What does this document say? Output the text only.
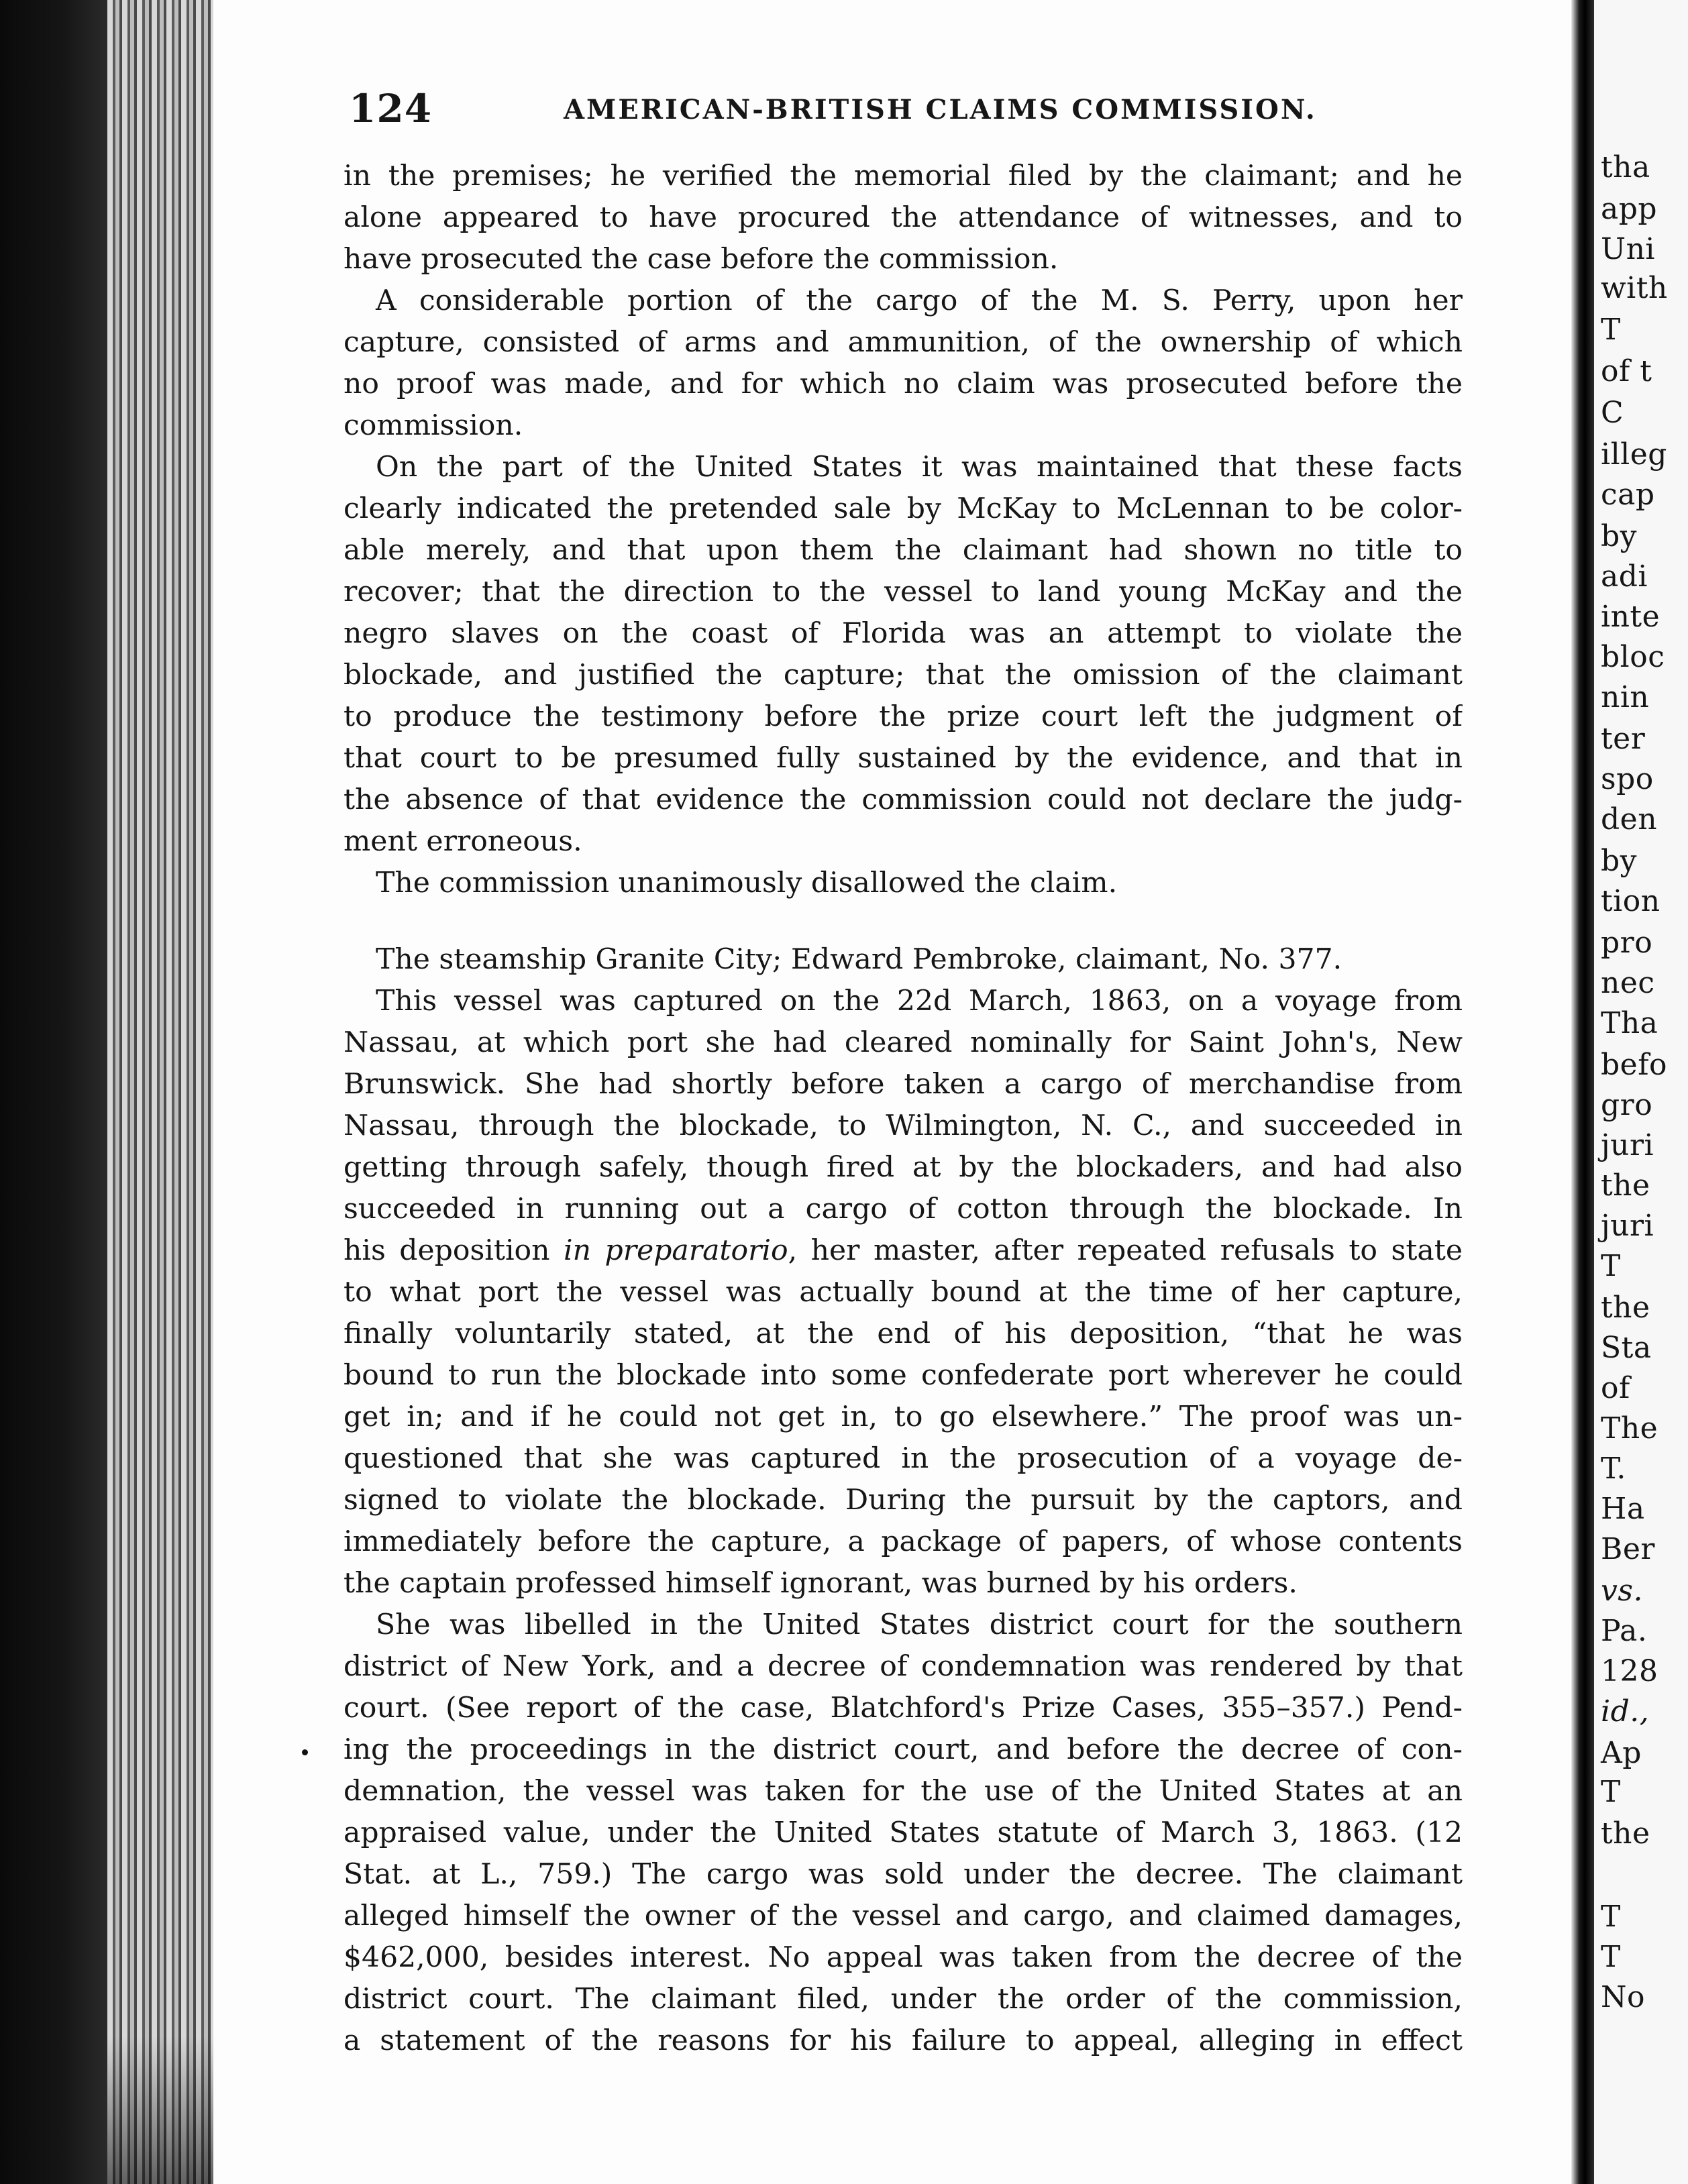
124	AMERICAN-BRITISH CLAIMS COMMISSION.
in the premises; he verified the memorial filed by the claimant; and he
alone appeared to have procured the attendance of witnesses, and to
have prosecuted the case before the commission.
A considerable portion of the cargo of the M. S. Perry, upon her
capture, consisted of arms and ammunition, of the ownership of which
no proof was made, and for which no claim was prosecuted before the
commission.
On the part of the United States it was maintained that these facts
clearly indicated the pretended sale by McKay to McLennan to be color-
able merely, and that upon them the claimant had shown no title to
recover; that the direction to the vessel to land young McKay and the
negro slaves on the coast of Florida was an attempt to violate the
blockade, and justified the capture; that the omission of the claimant
to produce the testimony before the prize court left the judgment of
that court to be presumed fully sustained by the evidence, and that in
the absence of that evidence the commission could not declare the judg-
ment erroneous.
The commission unanimously disallowed the claim.
The steamship Granite City; Edward Pembroke, claimant, No. 377.
This vessel was captured on the 22d March, 1863, on a voyage from
Nassau, at which port she had cleared nominally for Saint John's, New
Brunswick. She had shortly before taken a cargo of merchandise from
Nassau, through the blockade, to Wilmington, N. C., and succeeded in
getting through safely, though fired at by the blockaders, and had also
succeeded in running out a cargo of cotton through the blockade. In
his deposition in preparatorio, her master, after repeated refusals to state
to what port the vessel was actually bound at the time of her capture,
finally voluntarily stated, at the end of his deposition, “that he was
bound to run the blockade into some confederate port wherever he could
get in; and if he could not get in, to go elsewhere.” The proof was un-
questioned that she was captured in the prosecution of a voyage de-
signed to violate the blockade. During the pursuit by the captors, and
immediately before the capture, a package of papers, of whose contents
the captain professed himself ignorant, was burned by his orders.
She was libelled in the United States district court for the southern
district of New York, and a decree of condemnation was rendered by that
court. (See report of the case, Blatchford's Prize Cases, 355–357.) Pend-
ing the proceedings in the district court, and before the decree of con-
demnation, the vessel was taken for the use of the United States at an
appraised value, under the United States statute of March 3, 1863. (12
Stat. at L., 759.) The cargo was sold under the decree. The claimant
alleged himself the owner of the vessel and cargo, and claimed damages,
$462,000, besides interest. No appeal was taken from the decree of the
district court. The claimant filed, under the order of the commission,
a statement of the reasons for his failure to appeal, alleging in effect
tha
app
Uni
with
T
of t
C
illeg
cap
by
adi
inte
bloc
nin
ter
spo
den
by
tion
pro
nec
Tha
befo
gro
juri
the
juri
T
the
Sta
of
The
T.
Ha
Ber
vs.
Pa.
128
id.,
Ap
T
the
T
T
No
